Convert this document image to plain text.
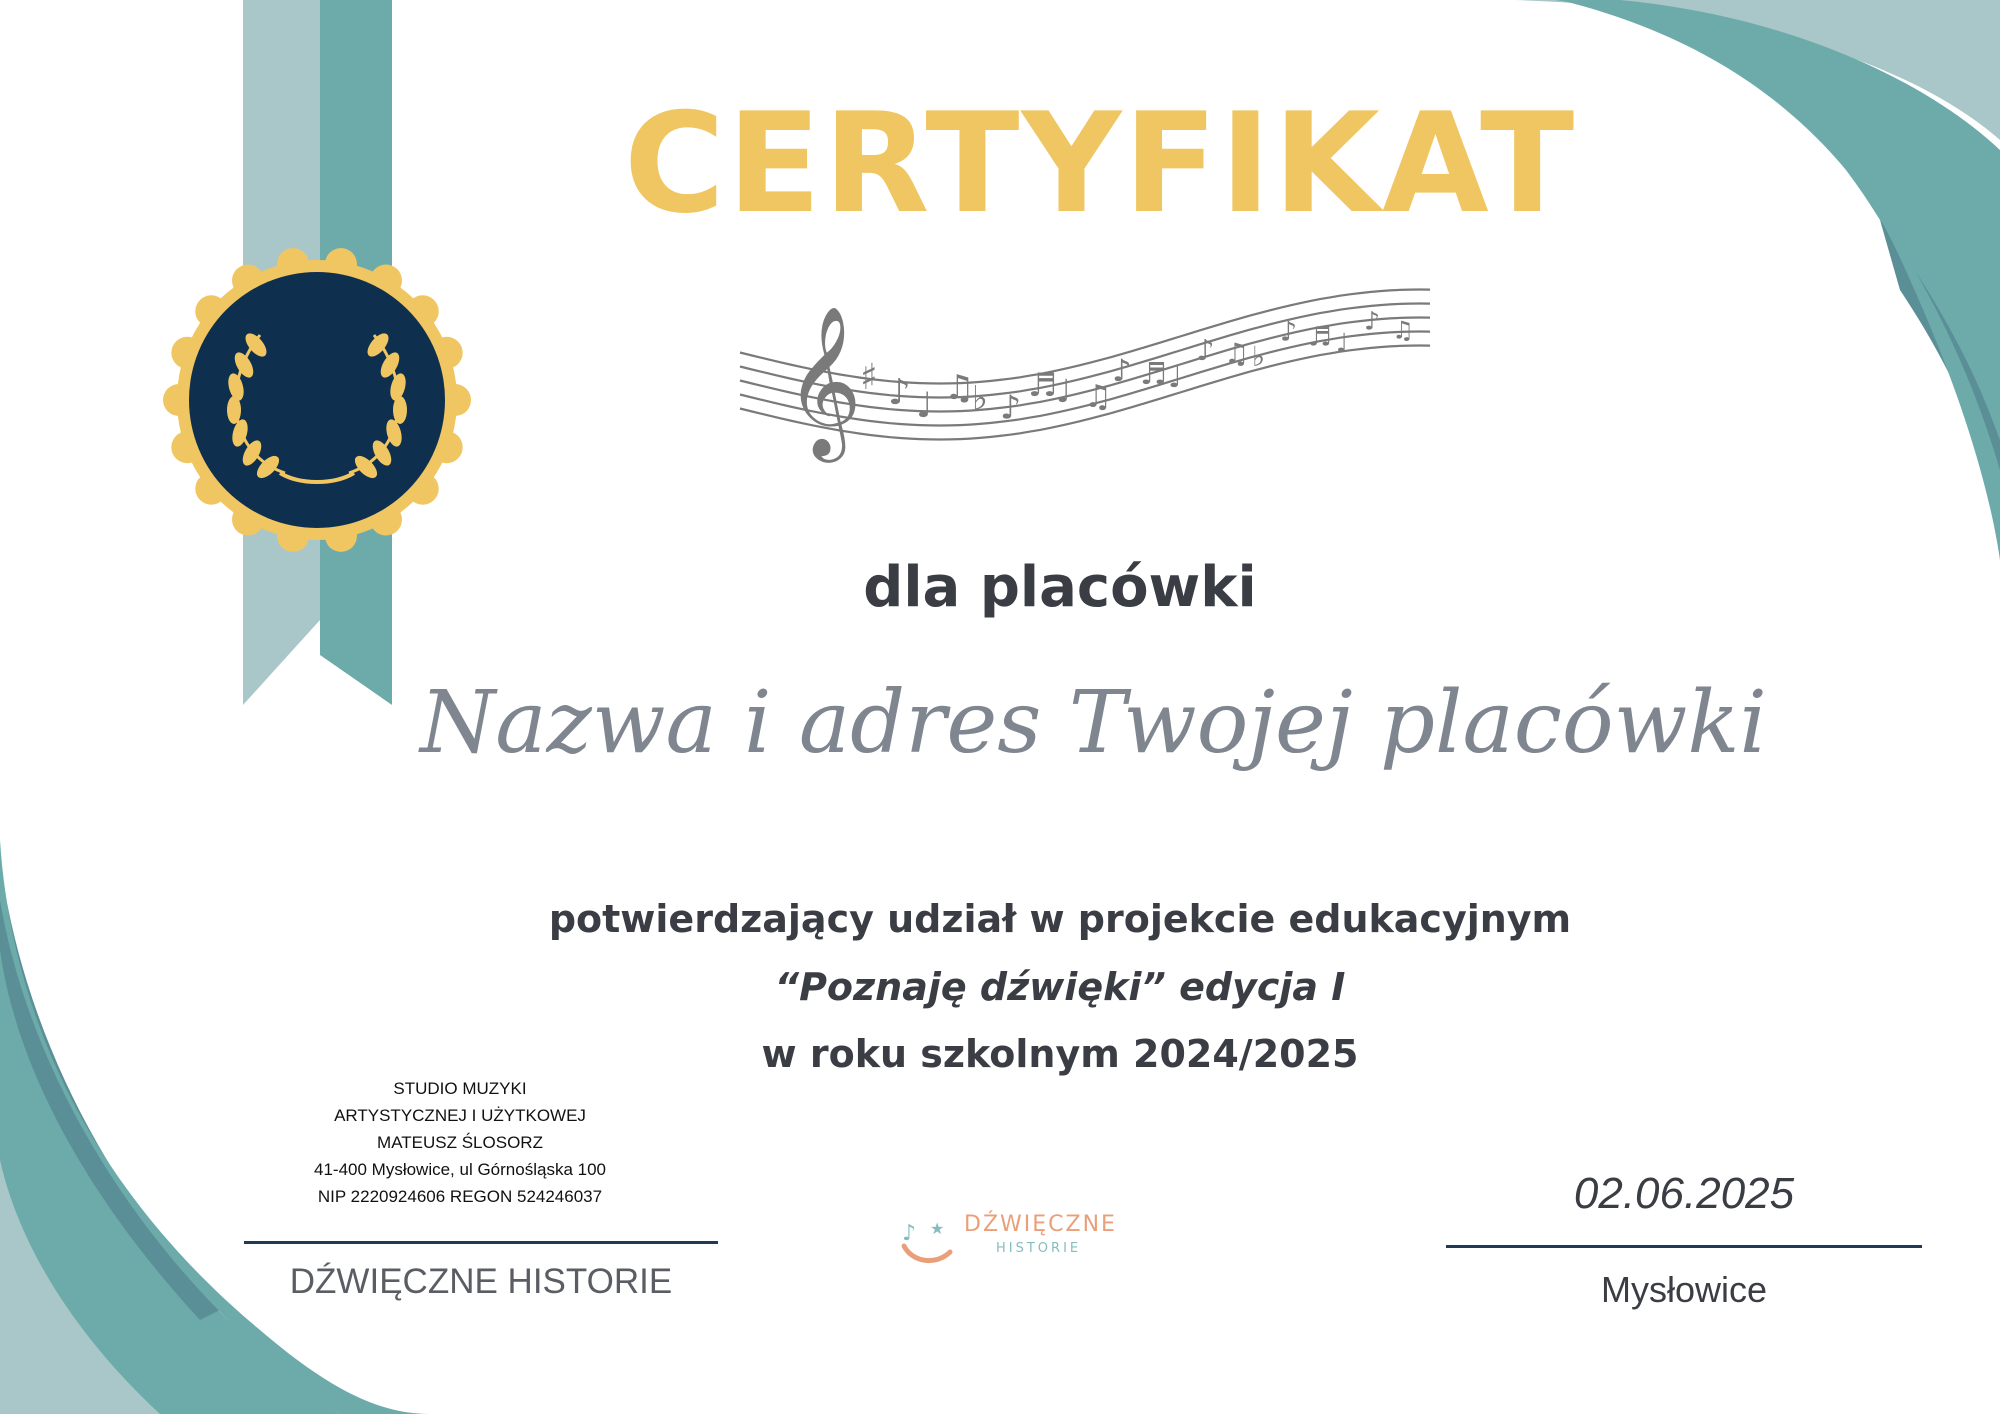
𝄞
♯ ♪ ♩ ♫
♭ ♪
♬
♩ ♫
♪ ♬ ♩
♪ ♫ ♭
♪ ♬ ♩
♪ ♫
CERTYFIKAT
dla placówki
Nazwa i adres Twojej placówki
potwierdzający udział w projekcie edukacyjnym
“Poznaję dźwięki” edycja I
w roku szkolnym 2024/2025
STUDIO MUZYKI
ARTYSTYCZNEJ I UŻYTKOWEJ
MATEUSZ ŚLOSORZ
41-400 Mysłowice, ul Górnośląska 100
NIP 2220924606 REGON 524246037
DŹWIĘCZNE HISTORIE
02.06.2025
Mysłowice
♪ ★ DŹWIĘCZNE
HISTORIE
